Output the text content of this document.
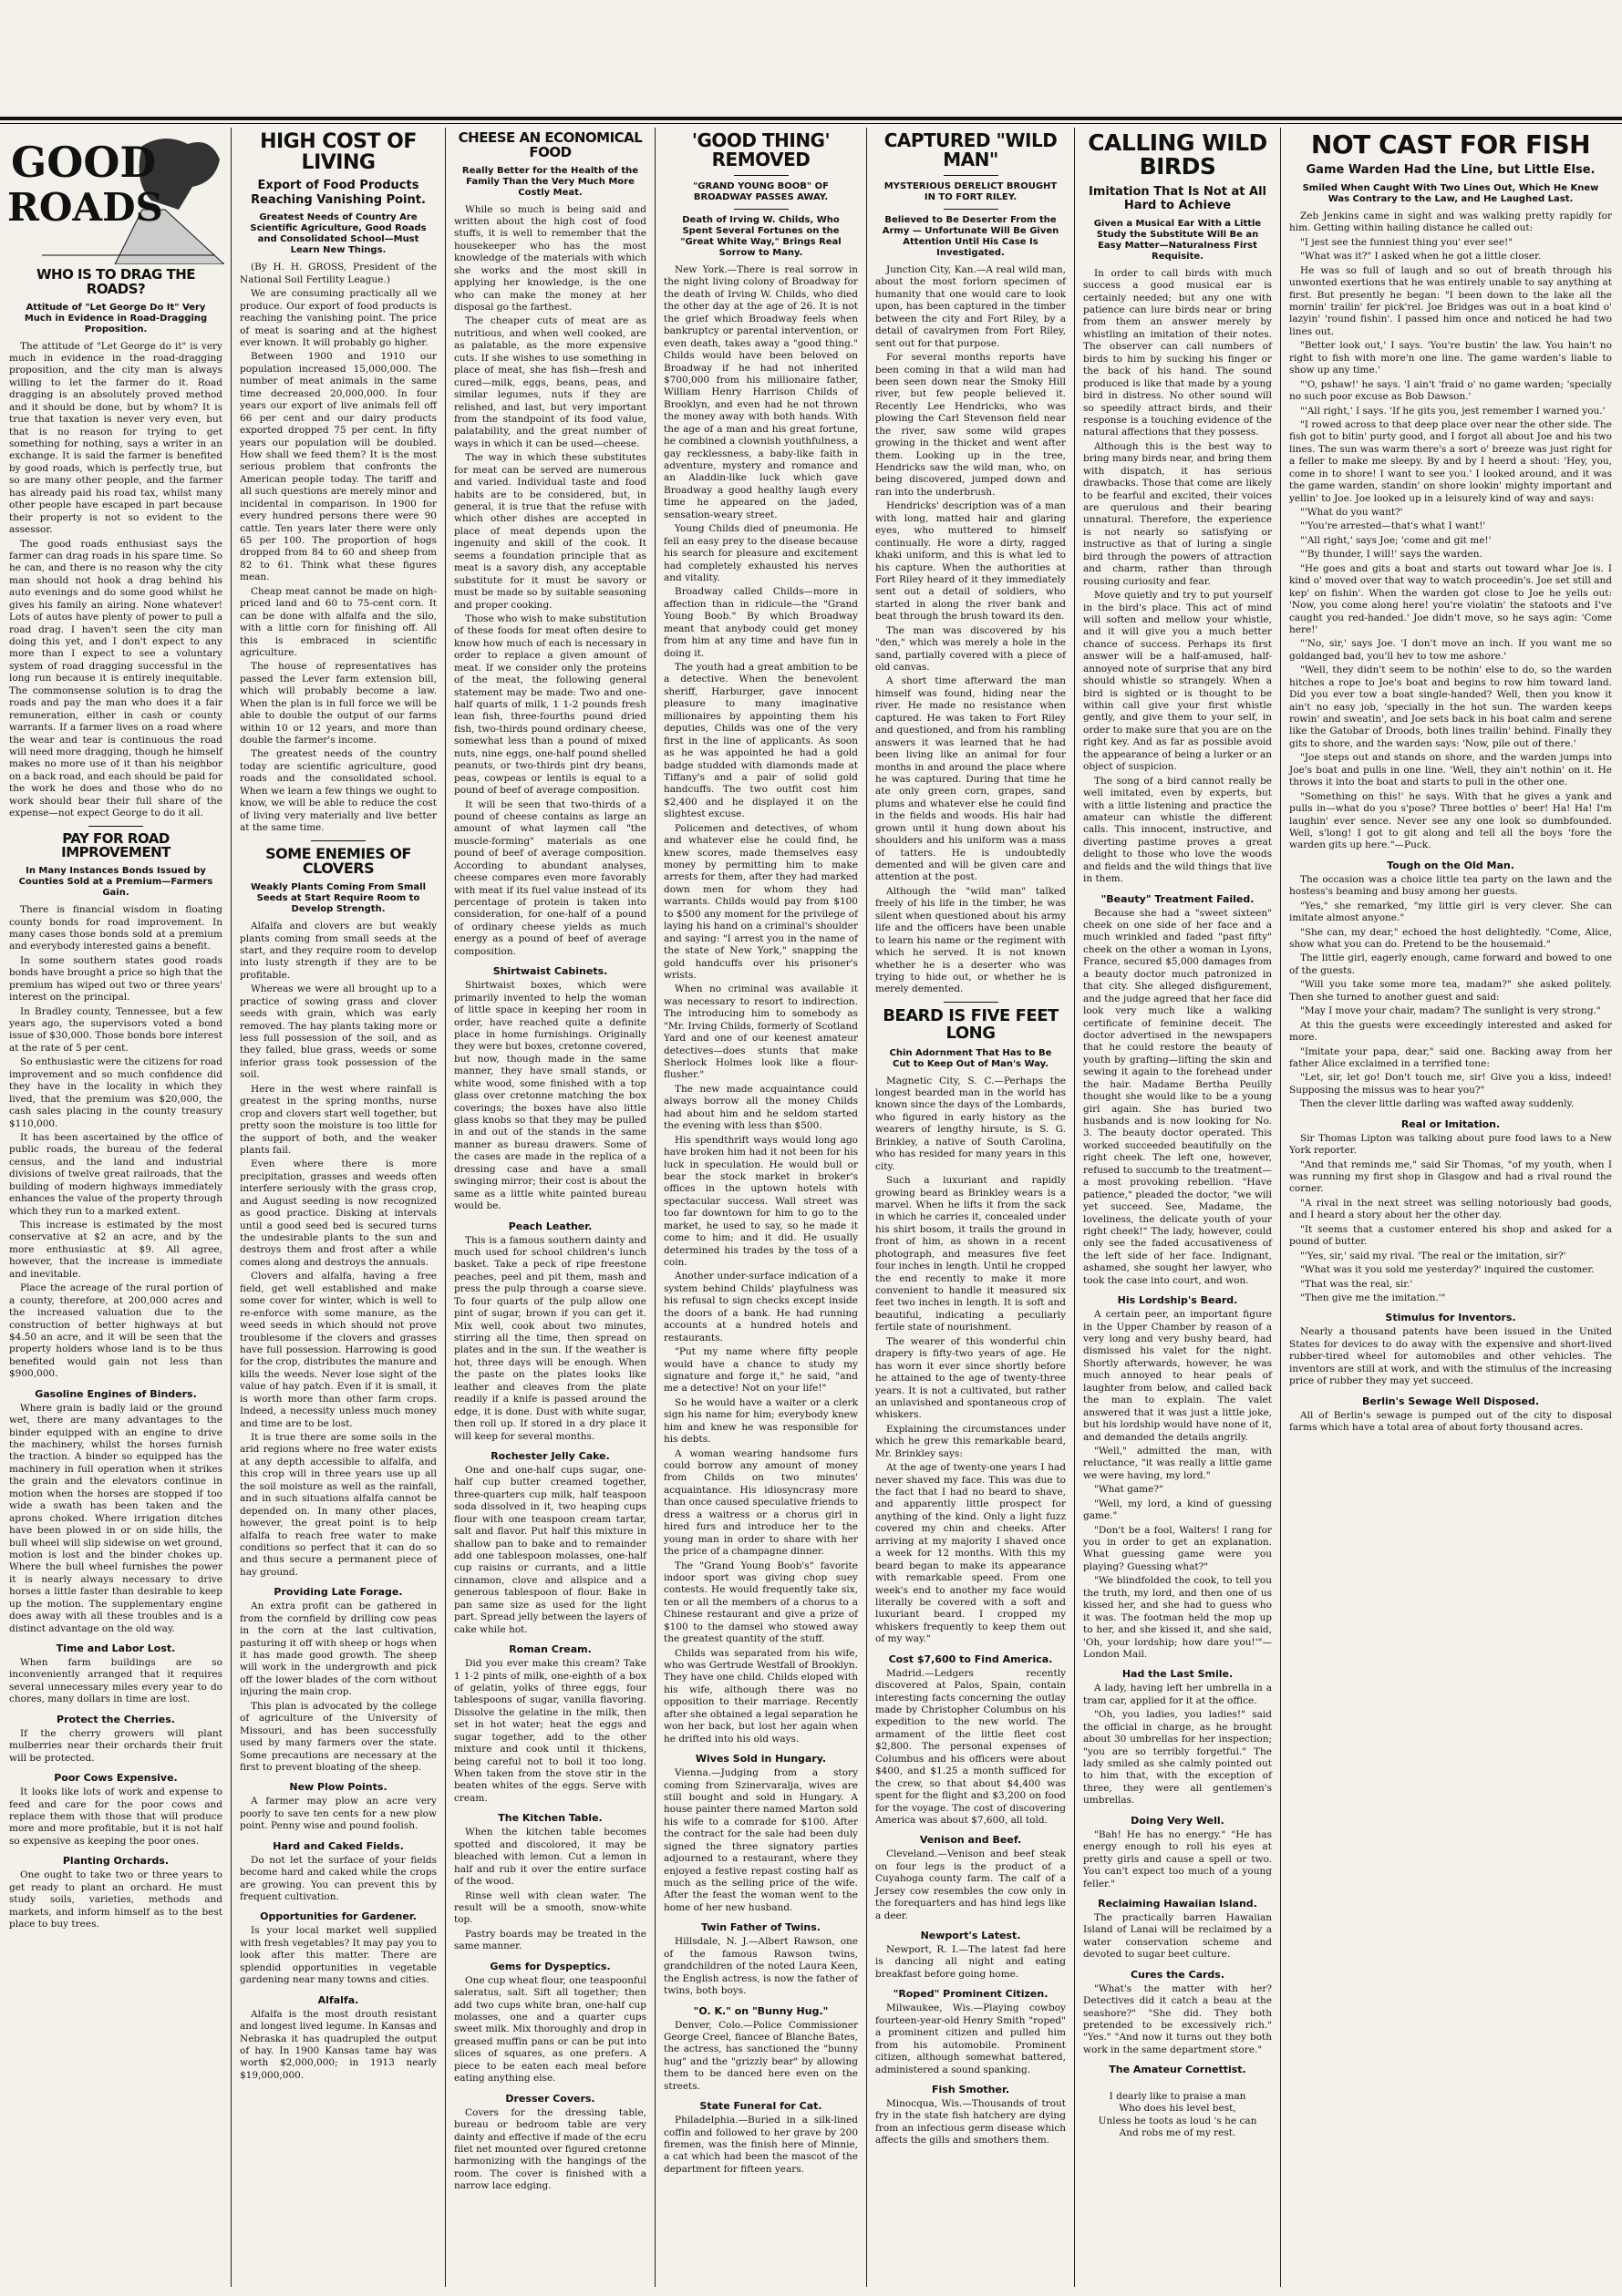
GOOD
ROADS
WHO IS TO DRAG THE ROADS?
Attitude of "Let George Do It" Very Much in Evidence in Road-Dragging Proposition.

The attitude of "Let George do it" is very much in evidence in the road-dragging proposition, and the city man is always willing to let the farmer do it. Road dragging is an absolutely proved method and it should be done, but by whom? It is true that taxation is never very even, but that is no reason for trying to get something for nothing, says a writer in an exchange. It is said the farmer is benefited by good roads, which is perfectly true, but so are many other people, and the farmer has already paid his road tax, whilst many other people have escaped in part because their property is not so evident to the assessor.

The good roads enthusiast says the farmer can drag roads in his spare time. So he can, and there is no reason why the city man should not hook a drag behind his auto evenings and do some good whilst he gives his family an airing. None whatever! Lots of autos have plenty of power to pull a road drag. I haven't seen the city man doing this yet, and I don't expect to any more than I expect to see a voluntary system of road dragging successful in the long run because it is entirely inequitable. The commonsense solution is to drag the roads and pay the man who does it a fair remuneration, either in cash or county warrants. If a farmer lives on a road where the wear and tear is continuous the road will need more dragging, though he himself makes no more use of it than his neighbor on a back road, and each should be paid for the work he does and those who do no work should bear their full share of the expense—not expect George to do it all.

PAY FOR ROAD IMPROVEMENT
In Many Instances Bonds Issued by Counties Sold at a Premium—Farmers Gain.

There is financial wisdom in floating county bonds for road improvement. In many cases those bonds sold at a premium and everybody interested gains a benefit.

In some southern states good roads bonds have brought a price so high that the premium has wiped out two or three years' interest on the principal.

In Bradley county, Tennessee, but a few years ago, the supervisors voted a bond issue of $30,000. Those bonds bore interest at the rate of 5 per cent.

So enthusiastic were the citizens for road improvement and so much confidence did they have in the locality in which they lived, that the premium was $20,000, the cash sales placing in the county treasury $110,000.

It has been ascertained by the office of public roads, the bureau of the federal census, and the land and industrial divisions of twelve great railroads, that the building of modern highways immediately enhances the value of the property through which they run to a marked extent.

This increase is estimated by the most conservative at $2 an acre, and by the more enthusiastic at $9. All agree, however, that the increase is immediate and inevitable.

Place the acreage of the rural portion of a county, therefore, at 200,000 acres and the increased valuation due to the construction of better highways at but $4.50 an acre, and it will be seen that the property holders whose land is to be thus benefited would gain not less than $900,000.

Gasoline Engines of Binders.

Where grain is badly laid or the ground wet, there are many advantages to the binder equipped with an engine to drive the machinery, whilst the horses furnish the traction. A binder so equipped has the machinery in full operation when it strikes the grain and the elevators continue in motion when the horses are stopped if too wide a swath has been taken and the aprons choked. Where irrigation ditches have been plowed in or on side hills, the bull wheel will slip sidewise on wet ground, motion is lost and the binder chokes up. Where the bull wheel furnishes the power it is nearly always necessary to drive horses a little faster than desirable to keep up the motion. The supplementary engine does away with all these troubles and is a distinct advantage on the old way.

Time and Labor Lost.

When farm buildings are so inconveniently arranged that it requires several unnecessary miles every year to do chores, many dollars in time are lost.

Protect the Cherries.

If the cherry growers will plant mulberries near their orchards their fruit will be protected.

Poor Cows Expensive.

It looks like lots of work and expense to feed and care for the poor cows and replace them with those that will produce more and more profitable, but it is not half so expensive as keeping the poor ones.

Planting Orchards.

One ought to take two or three years to get ready to plant an orchard. He must study soils, varieties, methods and markets, and inform himself as to the best place to buy trees.

HIGH COST OF LIVING
Export of Food Products Reaching Vanishing Point.
Greatest Needs of Country Are Scientific Agriculture, Good Roads and Consolidated School—Must Learn New Things.

(By H. H. GROSS, President of the National Soil Fertility League.)

We are consuming practically all we produce. Our export of food products is reaching the vanishing point. The price of meat is soaring and at the highest ever known. It will probably go higher.

Between 1900 and 1910 our population increased 15,000,000. The number of meat animals in the same time decreased 20,000,000. In four years our export of live animals fell off 66 per cent and our dairy products exported dropped 75 per cent. In fifty years our population will be doubled. How shall we feed them? It is the most serious problem that confronts the American people today. The tariff and all such questions are merely minor and incidental in comparison. In 1900 for every hundred persons there were 90 cattle. Ten years later there were only 65 per 100. The proportion of hogs dropped from 84 to 60 and sheep from 82 to 61. Think what these figures mean.

Cheap meat cannot be made on high-priced land and 60 to 75-cent corn. It can be done with alfalfa and the silo, with a little corn for finishing off. All this is embraced in scientific agriculture.

The house of representatives has passed the Lever farm extension bill, which will probably become a law. When the plan is in full force we will be able to double the output of our farms within 10 or 12 years, and more than double the farmer's income.

The greatest needs of the country today are scientific agriculture, good roads and the consolidated school. When we learn a few things we ought to know, we will be able to reduce the cost of living very materially and live better at the same time.

SOME ENEMIES OF CLOVERS
Weakly Plants Coming From Small Seeds at Start Require Room to Develop Strength.

Alfalfa and clovers are but weakly plants coming from small seeds at the start, and they require room to develop into lusty strength if they are to be profitable.

Whereas we were all brought up to a practice of sowing grass and clover seeds with grain, which was early removed. The hay plants taking more or less full possession of the soil, and as they failed, blue grass, weeds or some inferior grass took possession of the soil.

Here in the west where rainfall is greatest in the spring months, nurse crop and clovers start well together, but pretty soon the moisture is too little for the support of both, and the weaker plants fail.

Even where there is more precipitation, grasses and weeds often interfere seriously with the grass crop, and August seeding is now recognized as good practice. Disking at intervals until a good seed bed is secured turns the undesirable plants to the sun and destroys them and frost after a while comes along and destroys the annuals.

Clovers and alfalfa, having a free field, get well established and make some cover for winter, which is well to re-enforce with some manure, as the weed seeds in which should not prove troublesome if the clovers and grasses have full possession. Harrowing is good for the crop, distributes the manure and kills the weeds. Never lose sight of the value of hay patch. Even if it is small, it is worth more than other farm crops. Indeed, a necessity unless much money and time are to be lost.

It is true there are some soils in the arid regions where no free water exists at any depth accessible to alfalfa, and this crop will in three years use up all the soil moisture as well as the rainfall, and in such situations alfalfa cannot be depended on. In many other places, however, the great point is to help alfalfa to reach free water to make conditions so perfect that it can do so and thus secure a permanent piece of hay ground.

Providing Late Forage.

An extra profit can be gathered in from the cornfield by drilling cow peas in the corn at the last cultivation, pasturing it off with sheep or hogs when it has made good growth. The sheep will work in the undergrowth and pick off the lower blades of the corn without injuring the main crop.

This plan is advocated by the college of agriculture of the University of Missouri, and has been successfully used by many farmers over the state. Some precautions are necessary at the first to prevent bloating of the sheep.

New Plow Points.

A farmer may plow an acre very poorly to save ten cents for a new plow point. Penny wise and pound foolish.

Hard and Caked Fields.

Do not let the surface of your fields become hard and caked while the crops are growing. You can prevent this by frequent cultivation.

Opportunities for Gardener.

Is your local market well supplied with fresh vegetables? It may pay you to look after this matter. There are splendid opportunities in vegetable gardening near many towns and cities.

Alfalfa.

Alfalfa is the most drouth resistant and longest lived legume. In Kansas and Nebraska it has quadrupled the output of hay. In 1900 Kansas tame hay was worth $2,000,000; in 1913 nearly $19,000,000.

CHEESE AN ECONOMICAL FOOD
Really Better for the Health of the Family Than the Very Much More Costly Meat.

While so much is being said and written about the high cost of food stuffs, it is well to remember that the housekeeper who has the most knowledge of the materials with which she works and the most skill in applying her knowledge, is the one who can make the money at her disposal go the farthest.

The cheaper cuts of meat are as nutritious, and when well cooked, are as palatable, as the more expensive cuts. If she wishes to use something in place of meat, she has fish—fresh and cured—milk, eggs, beans, peas, and similar legumes, nuts if they are relished, and last, but very important from the standpoint of its food value, palatability, and the great number of ways in which it can be used—cheese.

The way in which these substitutes for meat can be served are numerous and varied. Individual taste and food habits are to be considered, but, in general, it is true that the refuse with which other dishes are accepted in place of meat depends upon the ingenuity and skill of the cook. It seems a foundation principle that as meat is a savory dish, any acceptable substitute for it must be savory or must be made so by suitable seasoning and proper cooking.

Those who wish to make substitution of these foods for meat often desire to know how much of each is necessary in order to replace a given amount of meat. If we consider only the proteins of the meat, the following general statement may be made: Two and one-half quarts of milk, 1 1-2 pounds fresh lean fish, three-fourths pound dried fish, two-thirds pound ordinary cheese, somewhat less than a pound of mixed nuts, nine eggs, one-half pound shelled peanuts, or two-thirds pint dry beans, peas, cowpeas or lentils is equal to a pound of beef of average composition.

It will be seen that two-thirds of a pound of cheese contains as large an amount of what laymen call "the muscle-forming" materials as one pound of beef of average composition. According to abundant analyses, cheese compares even more favorably with meat if its fuel value instead of its percentage of protein is taken into consideration, for one-half of a pound of ordinary cheese yields as much energy as a pound of beef of average composition.

Shirtwaist Cabinets.

Shirtwaist boxes, which were primarily invented to help the woman of little space in keeping her room in order, have reached quite a definite place in home furnishings. Originally they were but boxes, cretonne covered, but now, though made in the same manner, they have small stands, or white wood, some finished with a top glass over cretonne matching the box coverings; the boxes have also little glass knobs so that they may be pulled in and out of the stands in the same manner as bureau drawers. Some of the cases are made in the replica of a dressing case and have a small swinging mirror; their cost is about the same as a little white painted bureau would be.

Peach Leather.

This is a famous southern dainty and much used for school children's lunch basket. Take a peck of ripe freestone peaches, peel and pit them, mash and press the pulp through a coarse sieve. To four quarts of the pulp allow one pint of sugar, brown if you can get it. Mix well, cook about two minutes, stirring all the time, then spread on plates and in the sun. If the weather is hot, three days will be enough. When the paste on the plates looks like leather and cleaves from the plate readily if a knife is passed around the edge, it is done. Dust with white sugar, then roll up. If stored in a dry place it will keep for several months.

Rochester Jelly Cake.

One and one-half cups sugar, one-half cup butter creamed together, three-quarters cup milk, half teaspoon soda dissolved in it, two heaping cups flour with one teaspoon cream tartar, salt and flavor. Put half this mixture in shallow pan to bake and to remainder add one tablespoon molasses, one-half cup raisins or currants, and a little cinnamon, clove and allspice and a generous tablespoon of flour. Bake in pan same size as used for the light part. Spread jelly between the layers of cake while hot.

Roman Cream.

Did you ever make this cream? Take 1 1-2 pints of milk, one-eighth of a box of gelatin, yolks of three eggs, four tablespoons of sugar, vanilla flavoring. Dissolve the gelatine in the milk, then set in hot water; heat the eggs and sugar together, add to the other mixture and cook until it thickens, being careful not to boil it too long. When taken from the stove stir in the beaten whites of the eggs. Serve with cream.

The Kitchen Table.

When the kitchen table becomes spotted and discolored, it may be bleached with lemon. Cut a lemon in half and rub it over the entire surface of the wood.

Rinse well with clean water. The result will be a smooth, snow-white top.

Pastry boards may be treated in the same manner.

Gems for Dyspeptics.

One cup wheat flour, one teaspoonful saleratus, salt. Sift all together; then add two cups white bran, one-half cup molasses, one and a quarter cups sweet milk. Mix thoroughly and drop in greased muffin pans or can be put into slices of squares, as one prefers. A piece to be eaten each meal before eating anything else.

Dresser Covers.

Covers for the dressing table, bureau or bedroom table are very dainty and effective if made of the ecru filet net mounted over figured cretonne harmonizing with the hangings of the room. The cover is finished with a narrow lace edging.

'GOOD THING' REMOVED
"GRAND YOUNG BOOB" OF BROADWAY PASSES AWAY.
Death of Irving W. Childs, Who Spent Several Fortunes on the "Great White Way," Brings Real Sorrow to Many.

New York.—There is real sorrow in the night living colony of Broadway for the death of Irving W. Childs, who died the other day at the age of 26. It is not the grief which Broadway feels when bankruptcy or parental intervention, or even death, takes away a "good thing." Childs would have been beloved on Broadway if he had not inherited $700,000 from his millionaire father, William Henry Harrison Childs of Brooklyn, and even had he not thrown the money away with both hands. With the age of a man and his great fortune, he combined a clownish youthfulness, a gay recklessness, a baby-like faith in adventure, mystery and romance and an Aladdin-like luck which gave Broadway a good healthy laugh every time he appeared on the jaded, sensation-weary street.

Young Childs died of pneumonia. He fell an easy prey to the disease because his search for pleasure and excitement had completely exhausted his nerves and vitality.

Broadway called Childs—more in affection than in ridicule—the "Grand Young Boob." By which Broadway meant that anybody could get money from him at any time and have fun in doing it.

The youth had a great ambition to be a detective. When the benevolent sheriff, Harburger, gave innocent pleasure to many imaginative millionaires by appointing them his deputies, Childs was one of the very first in the line of applicants. As soon as he was appointed he had a gold badge studded with diamonds made at Tiffany's and a pair of solid gold handcuffs. The two outfit cost him $2,400 and he displayed it on the slightest excuse.

Policemen and detectives, of whom and whatever else he could find, he knew scores, made themselves easy money by permitting him to make arrests for them, after they had marked down men for whom they had warrants. Childs would pay from $100 to $500 any moment for the privilege of laying his hand on a criminal's shoulder and saying: "I arrest you in the name of the state of New York," snapping the gold handcuffs over his prisoner's wrists.

When no criminal was available it was necessary to resort to indirection. The introducing him to somebody as "Mr. Irving Childs, formerly of Scotland Yard and one of our keenest amateur detectives—does stunts that make Sherlock Holmes look like a flour-flusher."

The new made acquaintance could always borrow all the money Childs had about him and he seldom started the evening with less than $500.

His spendthrift ways would long ago have broken him had it not been for his luck in speculation. He would bull or bear the stock market in broker's offices in the uptown hotels with spectacular success. Wall street was too far downtown for him to go to the market, he used to say, so he made it come to him; and it did. He usually determined his trades by the toss of a coin.

Another under-surface indication of a system behind Childs' playfulness was his refusal to sign checks except inside the doors of a bank. He had running accounts at a hundred hotels and restaurants.

"Put my name where fifty people would have a chance to study my signature and forge it," he said, "and me a detective! Not on your life!"

So he would have a waiter or a clerk sign his name for him; everybody knew him and knew he was responsible for his debts.

A woman wearing handsome furs could borrow any amount of money from Childs on two minutes' acquaintance. His idiosyncrasy more than once caused speculative friends to dress a waitress or a chorus girl in hired furs and introduce her to the young man in order to share with her the price of a champagne dinner.

The "Grand Young Boob's" favorite indoor sport was giving chop suey contests. He would frequently take six, ten or all the members of a chorus to a Chinese restaurant and give a prize of $100 to the damsel who stowed away the greatest quantity of the stuff.

Childs was separated from his wife, who was Gertrude Westfall of Brooklyn. They have one child. Childs eloped with his wife, although there was no opposition to their marriage. Recently after she obtained a legal separation he won her back, but lost her again when he drifted into his old ways.

Wives Sold in Hungary.

Vienna.—Judging from a story coming from Szinervaralja, wives are still bought and sold in Hungary. A house painter there named Marton sold his wife to a comrade for $100. After the contract for the sale had been duly signed the three signatory parties adjourned to a restaurant, where they enjoyed a festive repast costing half as much as the selling price of the wife. After the feast the woman went to the home of her new husband.

Twin Father of Twins.

Hillsdale, N. J.—Albert Rawson, one of the famous Rawson twins, grandchildren of the noted Laura Keen, the English actress, is now the father of twins, both boys.

"O. K." on "Bunny Hug."

Denver, Colo.—Police Commissioner George Creel, fiancee of Blanche Bates, the actress, has sanctioned the "bunny hug" and the "grizzly bear" by allowing them to be danced here even on the streets.

State Funeral for Cat.

Philadelphia.—Buried in a silk-lined coffin and followed to her grave by 200 firemen, was the finish here of Minnie, a cat which had been the mascot of the department for fifteen years.

CAPTURED "WILD MAN"
MYSTERIOUS DERELICT BROUGHT IN TO FORT RILEY.
Believed to Be Deserter From the Army — Unfortunate Will Be Given Attention Until His Case Is Investigated.

Junction City, Kan.—A real wild man, about the most forlorn specimen of humanity that one would care to look upon, has been captured in the timber between the city and Fort Riley, by a detail of cavalrymen from Fort Riley, sent out for that purpose.

For several months reports have been coming in that a wild man had been seen down near the Smoky Hill river, but few people believed it. Recently Lee Hendricks, who was plowing the Carl Stevenson field near the river, saw some wild grapes growing in the thicket and went after them. Looking up in the tree, Hendricks saw the wild man, who, on being discovered, jumped down and ran into the underbrush.

Hendricks' description was of a man with long, matted hair and glaring eyes, who muttered to himself continually. He wore a dirty, ragged khaki uniform, and this is what led to his capture. When the authorities at Fort Riley heard of it they immediately sent out a detail of soldiers, who started in along the river bank and beat through the brush toward its den.

The man was discovered by his "den," which was merely a hole in the sand, partially covered with a piece of old canvas.

A short time afterward the man himself was found, hiding near the river. He made no resistance when captured. He was taken to Fort Riley and questioned, and from his rambling answers it was learned that he had been living like an animal for four months in and around the place where he was captured. During that time he ate only green corn, grapes, sand plums and whatever else he could find in the fields and woods. His hair had grown until it hung down about his shoulders and his uniform was a mass of tatters. He is undoubtedly demented and will be given care and attention at the post.

Although the "wild man" talked freely of his life in the timber, he was silent when questioned about his army life and the officers have been unable to learn his name or the regiment with which he served. It is not known whether he is a deserter who was trying to hide out, or whether he is merely demented.

BEARD IS FIVE FEET LONG
Chin Adornment That Has to Be Cut to Keep Out of Man's Way.

Magnetic City, S. C.—Perhaps the longest bearded man in the world has known since the days of the Lombards, who figured in early history as the wearers of lengthy hirsute, is S. G. Brinkley, a native of South Carolina, who has resided for many years in this city.

Such a luxuriant and rapidly growing beard as Brinkley wears is a marvel. When he lifts it from the sack in which he carries it, concealed under his shirt bosom, it trails the ground in front of him, as shown in a recent photograph, and measures five feet four inches in length. Until he cropped the end recently to make it more convenient to handle it measured six feet two inches in length. It is soft and beautiful, indicating a peculiarly fertile state of nourishment.

The wearer of this wonderful chin drapery is fifty-two years of age. He has worn it ever since shortly before he attained to the age of twenty-three years. It is not a cultivated, but rather an unlavished and spontaneous crop of whiskers.

Explaining the circumstances under which he grew this remarkable beard, Mr. Brinkley says:

At the age of twenty-one years I had never shaved my face. This was due to the fact that I had no beard to shave, and apparently little prospect for anything of the kind. Only a light fuzz covered my chin and cheeks. After arriving at my majority I shaved once a week for 12 months. With this my beard began to make its appearance with remarkable speed. From one week's end to another my face would literally be covered with a soft and luxuriant beard. I cropped my whiskers frequently to keep them out of my way."

Cost $7,600 to Find America.

Madrid.—Ledgers recently discovered at Palos, Spain, contain interesting facts concerning the outlay made by Christopher Columbus on his expedition to the new world. The armament of the little fleet cost $2,800. The personal expenses of Columbus and his officers were about $400, and $1.25 a month sufficed for the crew, so that about $4,400 was spent for the flight and $3,200 on food for the voyage. The cost of discovering America was about $7,600, all told.

Venison and Beef.

Cleveland.—Venison and beef steak on four legs is the product of a Cuyahoga county farm. The calf of a Jersey cow resembles the cow only in the forequarters and has hind legs like a deer.

Newport's Latest.

Newport, R. I.—The latest fad here is dancing all night and eating breakfast before going home.

"Roped" Prominent Citizen.

Milwaukee, Wis.—Playing cowboy fourteen-year-old Henry Smith "roped" a prominent citizen and pulled him from his automobile. Prominent citizen, although somewhat battered, administered a sound spanking.

Fish Smother.

Minocqua, Wis.—Thousands of trout fry in the state fish hatchery are dying from an infectious germ disease which affects the gills and smothers them.

CALLING WILD BIRDS
Imitation That Is Not at All Hard to Achieve
Given a Musical Ear With a Little Study the Substitute Will Be an Easy Matter—Naturalness First Requisite.

In order to call birds with much success a good musical ear is certainly needed; but any one with patience can lure birds near or bring from them an answer merely by whistling an imitation of their notes. The observer can call numbers of birds to him by sucking his finger or the back of his hand. The sound produced is like that made by a young bird in distress. No other sound will so speedily attract birds, and their response is a touching evidence of the natural affections that they possess.

Although this is the best way to bring many birds near, and bring them with dispatch, it has serious drawbacks. Those that come are likely to be fearful and excited, their voices are querulous and their bearing unnatural. Therefore, the experience is not nearly so satisfying or instructive as that of luring a single bird through the powers of attraction and charm, rather than through rousing curiosity and fear.

Move quietly and try to put yourself in the bird's place. This act of mind will soften and mellow your whistle, and it will give you a much better chance of success. Perhaps its first answer will be a half-amused, half-annoyed note of surprise that any bird should whistle so strangely. When a bird is sighted or is thought to be within call give your first whistle gently, and give them to your self, in order to make sure that you are on the right key. And as far as possible avoid the appearance of being a lurker or an object of suspicion.

The song of a bird cannot really be well imitated, even by experts, but with a little listening and practice the amateur can whistle the different calls. This innocent, instructive, and diverting pastime proves a great delight to those who love the woods and fields and the wild things that live in them.

"Beauty" Treatment Failed.

Because she had a "sweet sixteen" cheek on one side of her face and a much wrinkled and faded "past fifty" cheek on the other a woman in Lyons, France, secured $5,000 damages from a beauty doctor much patronized in that city. She alleged disfigurement, and the judge agreed that her face did look very much like a walking certificate of feminine deceit. The doctor advertised in the newspapers that he could restore the beauty of youth by grafting—lifting the skin and sewing it again to the forehead under the hair. Madame Bertha Peuilly thought she would like to be a young girl again. She has buried two husbands and is now looking for No. 3. The beauty doctor operated. This worked succeeded beautifully on the right cheek. The left one, however, refused to succumb to the treatment—a most provoking rebellion. "Have patience," pleaded the doctor, "we will yet succeed. See, Madame, the loveliness, the delicate youth of your right cheek!" The lady, however, could only see the faded accusativeness of the left side of her face. Indignant, ashamed, she sought her lawyer, who took the case into court, and won.

His Lordship's Beard.

A certain peer, an important figure in the Upper Chamber by reason of a very long and very bushy beard, had dismissed his valet for the night. Shortly afterwards, however, he was much annoyed to hear peals of laughter from below, and called back the man to explain. The valet answered that it was just a little joke, but his lordship would have none of it, and demanded the details angrily.

"Well," admitted the man, with reluctance, "it was really a little game we were having, my lord."

"What game?"

"Well, my lord, a kind of guessing game."

"Don't be a fool, Walters! I rang for you in order to get an explanation. What guessing game were you playing? Guessing what?"

"We blindfolded the cook, to tell you the truth, my lord, and then one of us kissed her, and she had to guess who it was. The footman held the mop up to her, and she kissed it, and she said, 'Oh, your lordship; how dare you!'"—London Mail.

Had the Last Smile.

A lady, having left her umbrella in a tram car, applied for it at the office.

"Oh, you ladies, you ladies!" said the official in charge, as he brought about 30 umbrellas for her inspection; "you are so terribly forgetful." The lady smiled as she calmly pointed out to him that, with the exception of three, they were all gentlemen's umbrellas.

Doing Very Well.

"Bah! He has no energy." "He has energy enough to roll his eyes at pretty girls and cause a spell or two. You can't expect too much of a young feller."

Reclaiming Hawaiian Island.

The practically barren Hawaiian Island of Lanai will be reclaimed by a water conservation scheme and devoted to sugar beet culture.

Cures the Cards.

"What's the matter with her? Detectives did it catch a beau at the seashore?" "She did. They both pretended to be excessively rich." "Yes." "And now it turns out they both work in the same department store."

The Amateur Cornettist.

I dearly like to praise a man
Who does his level best,
Unless he toots as loud 's he can
And robs me of my rest.

NOT CAST FOR FISH
Game Warden Had the Line, but Little Else.
Smiled When Caught With Two Lines Out, Which He Knew Was Contrary to the Law, and He Laughed Last.

Zeb Jenkins came in sight and was walking pretty rapidly for him. Getting within hailing distance he called out:

"I jest see the funniest thing you' ever see!"

"What was it?" I asked when he got a little closer.

He was so full of laugh and so out of breath through his unwonted exertions that he was entirely unable to say anything at first. But presently he began: "I been down to the lake all the mornin' trailin' fer pick'rel. Joe Bridges was out in a boat kind o' lazyin' 'round fishin'. I passed him once and noticed he had two lines out.

"Better look out,' I says. 'You're bustin' the law. You hain't no right to fish with more'n one line. The game warden's liable to show up any time.'

"'O, pshaw!' he says. 'I ain't 'fraid o' no game warden; 'specially no such poor excuse as Bob Dawson.'

"'All right,' I says. 'If he gits you, jest remember I warned you.'

"I rowed across to that deep place over near the other side. The fish got to bitin' purty good, and I forgot all about Joe and his two lines. The sun was warm there's a sort o' breeze was just right for a feller to make me sleepy. By and by I heerd a shout: 'Hey, you, come in to shore! I want to see you.' I looked around, and it was the game warden, standin' on shore lookin' mighty important and yellin' to Joe. Joe looked up in a leisurely kind of way and says:

"'What do you want?'

"'You're arrested—that's what I want!'

"'All right,' says Joe; 'come and git me!'

"'By thunder, I will!' says the warden.

"He goes and gits a boat and starts out toward whar Joe is. I kind o' moved over that way to watch proceedin's. Joe set still and kep' on fishin'. When the warden got close to Joe he yells out: 'Now, you come along here! you're violatin' the statoots and I've caught you red-handed.' Joe didn't move, so he says agin: 'Come here!'

"'No, sir,' says Joe. 'I don't move an inch. If you want me so goldanged bad, you'll hev to tow me ashore.'

"Well, they didn't seem to be nothin' else to do, so the warden hitches a rope to Joe's boat and begins to row him toward land. Did you ever tow a boat single-handed? Well, then you know it ain't no easy job, 'specially in the hot sun. The warden keeps rowin' and sweatin', and Joe sets back in his boat calm and serene like the Gatobar of Droods, both lines trailin' behind. Finally they gits to shore, and the warden says: 'Now, pile out of there.'

"Joe steps out and stands on shore, and the warden jumps into Joe's boat and pulls in one line. 'Well, they ain't nothin' on it. He throws it into the boat and starts to pull in the other one.

"Something on this!' he says. With that he gives a yank and pulls in—what do you s'pose? Three bottles o' beer! Ha! Ha! I'm laughin' ever sence. Never see any one look so dumbfounded. Well, s'long! I got to git along and tell all the boys 'fore the warden gits up here."—Puck.

Tough on the Old Man.

The occasion was a choice little tea party on the lawn and the hostess's beaming and busy among her guests.

"Yes," she remarked, "my little girl is very clever. She can imitate almost anyone."

"She can, my dear," echoed the host delightedly. "Come, Alice, show what you can do. Pretend to be the housemaid."

The little girl, eagerly enough, came forward and bowed to one of the guests.

"Will you take some more tea, madam?" she asked politely. Then she turned to another guest and said:

"May I move your chair, madam? The sunlight is very strong."

At this the guests were exceedingly interested and asked for more.

"Imitate your papa, dear," said one. Backing away from her father Alice exclaimed in a terrified tone:

"Let, sir, let go! Don't touch me, sir! Give you a kiss, indeed! Supposing the missus was to hear you?"

Then the clever little darling was wafted away suddenly.

Real or Imitation.

Sir Thomas Lipton was talking about pure food laws to a New York reporter.

"And that reminds me," said Sir Thomas, "of my youth, when I was running my first shop in Glasgow and had a rival round the corner.

"A rival in the next street was selling notoriously bad goods, and I heard a story about her the other day.

"It seems that a customer entered his shop and asked for a pound of butter.

"'Yes, sir,' said my rival. 'The real or the imitation, sir?'

"What was it you sold me yesterday?' inquired the customer.

"That was the real, sir.'

"Then give me the imitation.'"

Stimulus for Inventors.

Nearly a thousand patents have been issued in the United States for devices to do away with the expensive and short-lived rubber-tired wheel for automobiles and other vehicles. The inventors are still at work, and with the stimulus of the increasing price of rubber they may yet succeed.

Berlin's Sewage Well Disposed.

All of Berlin's sewage is pumped out of the city to disposal farms which have a total area of about forty thousand acres.
